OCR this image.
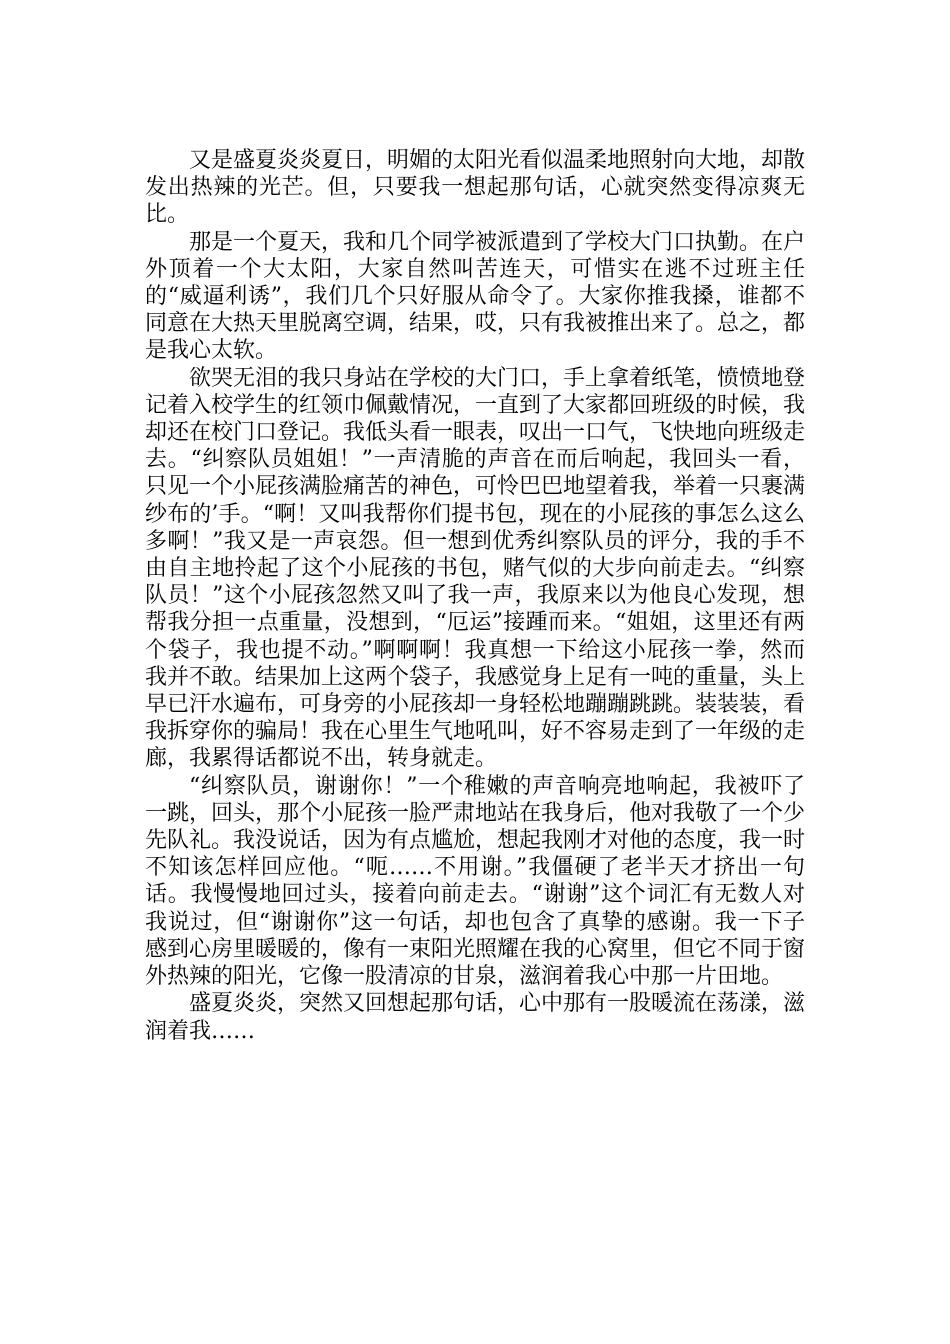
又是盛夏炎炎夏日，明媚的太阳光看似温柔地照射向大地，却散发出热辣的光芒。但，只要我一想起那句话，心就突然变得凉爽无比。

那是一个夏天，我和几个同学被派遣到了学校大门口执勤。在户外顶着一个大太阳，大家自然叫苦连天，可惜实在逃不过班主任的“威逼利诱”，我们几个只好服从命令了。大家你推我搡，谁都不同意在大热天里脱离空调，结果，哎，只有我被推出来了。总之，都是我心太软。

欲哭无泪的我只身站在学校的大门口，手上拿着纸笔，愤愤地登记着入校学生的红领巾佩戴情况，一直到了大家都回班级的时候，我却还在校门口登记。我低头看一眼表，叹出一口气，飞快地向班级走去。“纠察队员姐姐！”一声清脆的声音在而后响起，我回头一看，只见一个小屁孩满脸痛苦的神色，可怜巴巴地望着我，举着一只裹满纱布的’手。“啊！又叫我帮你们提书包，现在的小屁孩的事怎么这么多啊！”我又是一声哀怨。但一想到优秀纠察队员的评分，我的手不由自主地拎起了这个小屁孩的书包，赌气似的大步向前走去。“纠察队员！”这个小屁孩忽然又叫了我一声，我原来以为他良心发现，想帮我分担一点重量，没想到，“厄运”接踵而来。“姐姐，这里还有两个袋子，我也提不动。”啊啊啊！我真想一下给这小屁孩一拳，然而我并不敢。结果加上这两个袋子，我感觉身上足有一吨的重量，头上早已汗水遍布，可身旁的小屁孩却一身轻松地蹦蹦跳跳。装装装，看我拆穿你的骗局！我在心里生气地吼叫，好不容易走到了一年级的走廊，我累得话都说不出，转身就走。

“纠察队员，谢谢你！”一个稚嫩的声音响亮地响起，我被吓了一跳，回头，那个小屁孩一脸严肃地站在我身后，他对我敬了一个少先队礼。我没说话，因为有点尴尬，想起我刚才对他的态度，我一时不知该怎样回应他。“呃……不用谢。”我僵硬了老半天才挤出一句话。我慢慢地回过头，接着向前走去。“谢谢”这个词汇有无数人对我说过，但“谢谢你”这一句话，却也包含了真挚的感谢。我一下子感到心房里暖暖的，像有一束阳光照耀在我的心窝里，但它不同于窗外热辣的阳光，它像一股清凉的甘泉，滋润着我心中那一片田地。

盛夏炎炎，突然又回想起那句话，心中那有一股暖流在荡漾，滋润着我……
